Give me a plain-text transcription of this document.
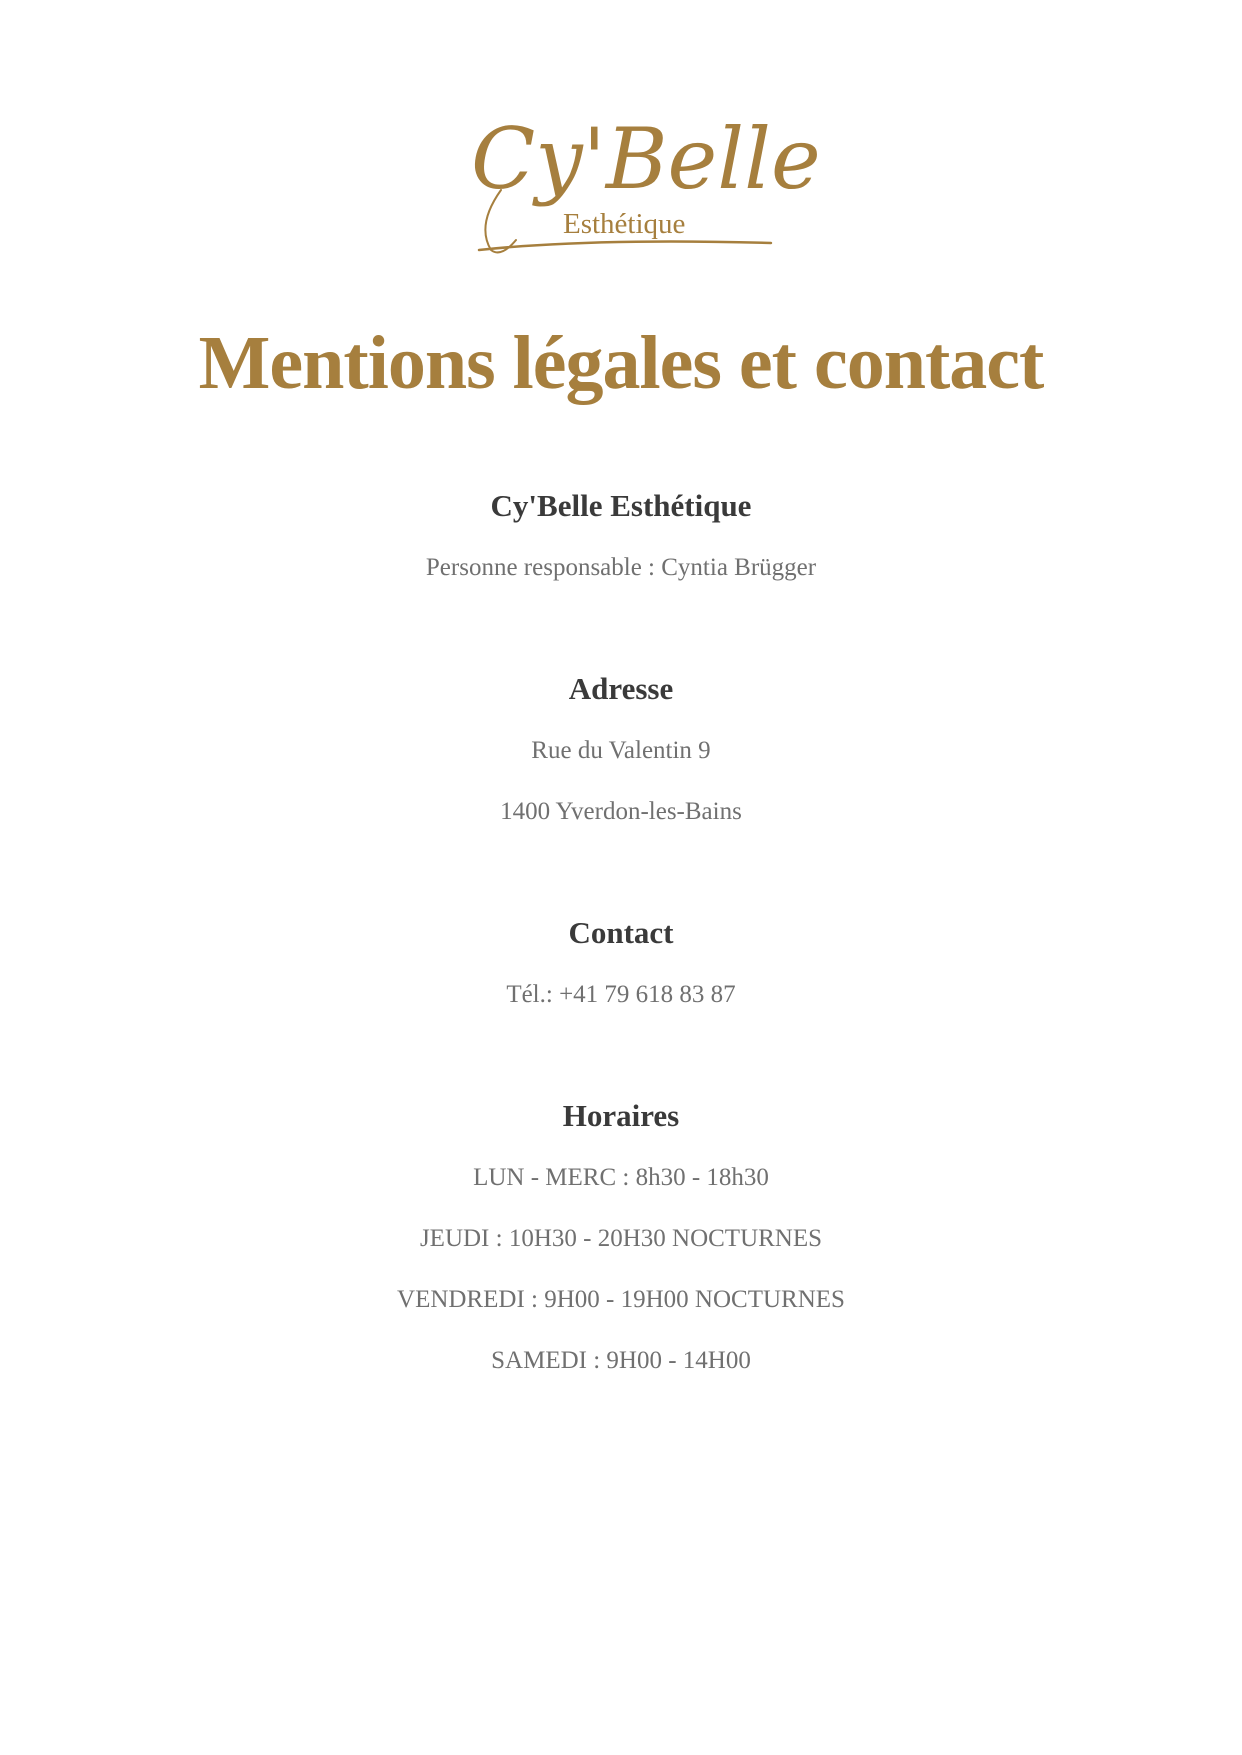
Cy'Belle
Esthétique
Mentions légales et contact
Cy'Belle Esthétique

Personne responsable : Cyntia Brügger

Adresse

Rue du Valentin 9

1400 Yverdon-les-Bains

Contact

Tél.: +41 79 618 83 87

Horaires

LUN - MERC : 8h30 - 18h30

JEUDI : 10H30 - 20H30 NOCTURNES

VENDREDI : 9H00 - 19H00 NOCTURNES

SAMEDI : 9H00 - 14H00
